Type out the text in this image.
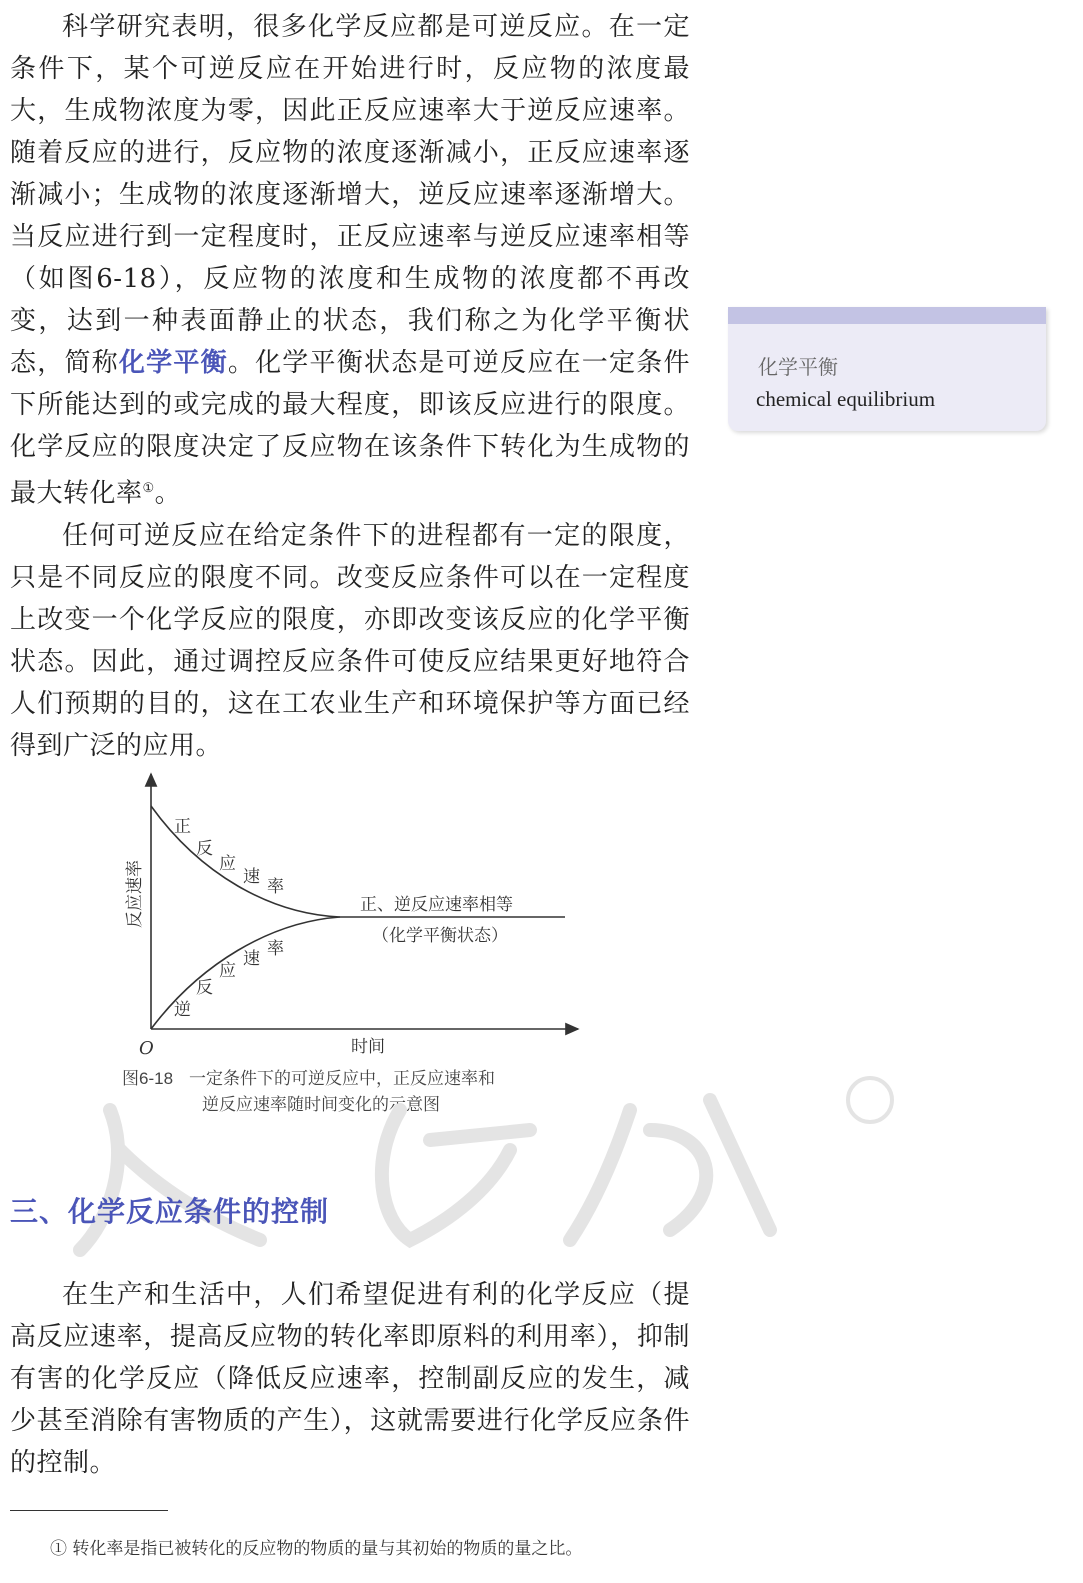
科学研究表明，很多化学反应都是可逆反应。在一定条件下，某个可逆反应在开始进行时，反应物的浓度最大，生成物浓度为零，因此正反应速率大于逆反应速率。随着反应的进行，反应物的浓度逐渐减小，正反应速率逐渐减小；生成物的浓度逐渐增大，逆反应速率逐渐增大。当反应进行到一定程度时，正反应速率与逆反应速率相等（如图6-18），反应物的浓度和生成物的浓度都不再改变，达到一种表面静止的状态，我们称之为化学平衡状态，简称化学平衡。化学平衡状态是可逆反应在一定条件下所能达到的或完成的最大程度，即该反应进行的限度。化学反应的限度决定了反应物在该条件下转化为生成物的最大转化率①。

任何可逆反应在给定条件下的进程都有一定的限度，只是不同反应的限度不同。改变反应条件可以在一定程度上改变一个化学反应的限度，亦即改变该反应的化学平衡状态。因此，通过调控反应条件可使反应结果更好地符合人们预期的目的，这在工农业生产和环境保护等方面已经得到广泛的应用。

化学平衡
chemical equilibrium
反应速率
正
反
应
速 率
逆
反
应
速 率
正、逆反应速率相等
（化学平衡状态）
O	时间
图6-18 一定条件下的可逆反应中，正反应速率和
逆反应速率随时间变化的示意图
三、化学反应条件的控制

在生产和生活中，人们希望促进有利的化学反应（提高反应速率，提高反应物的转化率即原料的利用率），抑制有害的化学反应（降低反应速率，控制副反应的发生，减少甚至消除有害物质的产生），这就需要进行化学反应条件的控制。

① 转化率是指已被转化的反应物的物质的量与其初始的物质的量之比。
